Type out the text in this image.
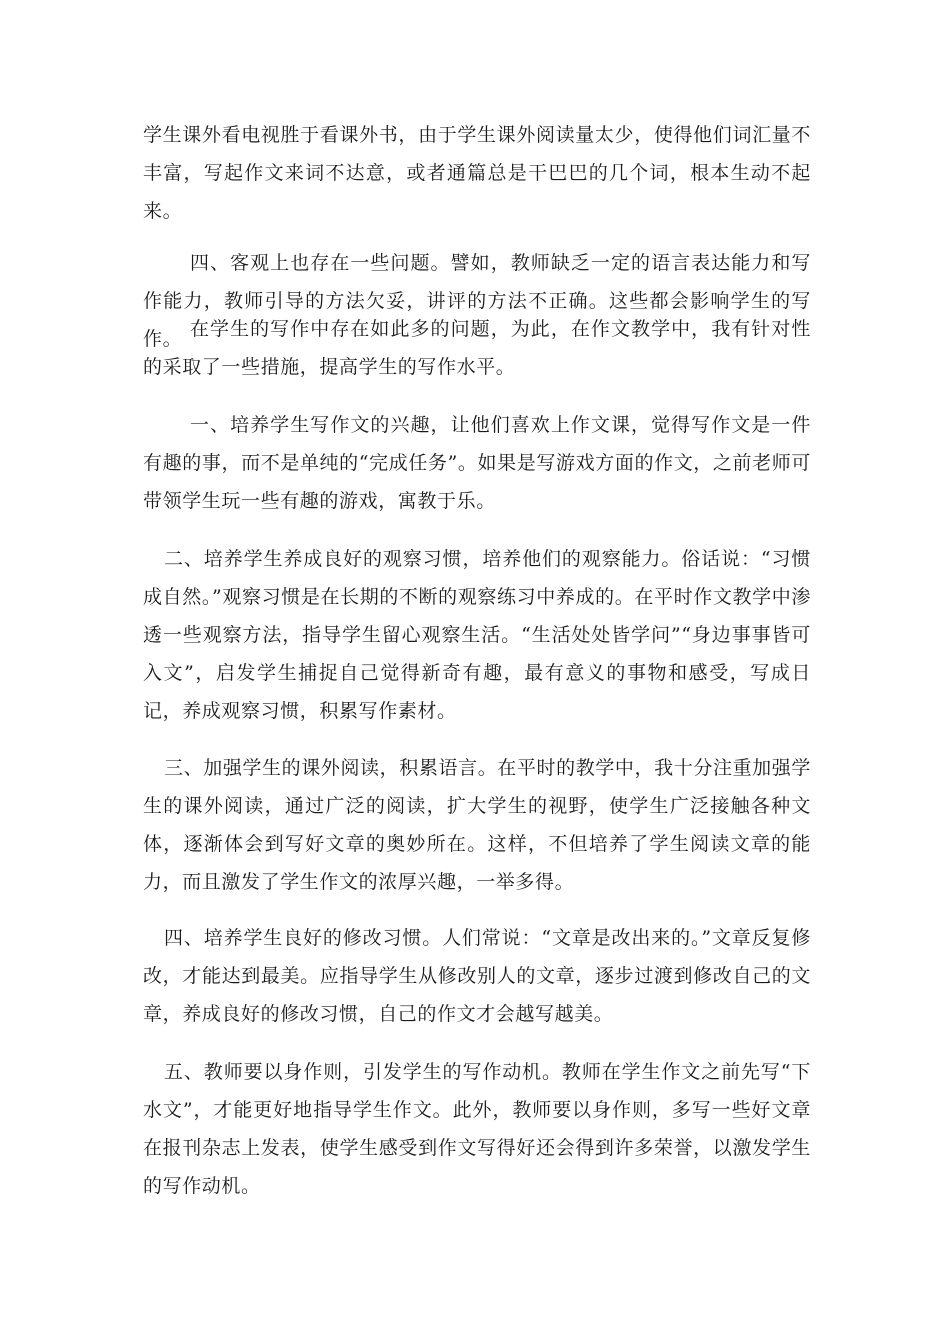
学生课外看电视胜于看课外书，由于学生课外阅读量太少，使得他们词汇量不丰富，写起作文来词不达意，或者通篇总是干巴巴的几个词，根本生动不起来。

四、客观上也存在一些问题。譬如，教师缺乏一定的语言表达能力和写作能力，教师引导的方法欠妥，讲评的方法不正确。这些都会影响学生的写作。 在学生的写作中存在如此多的问题，为此，在作文教学中，我有针对性的采取了一些措施，提高学生的写作水平。

一、培养学生写作文的兴趣，让他们喜欢上作文课，觉得写作文是一件有趣的事，而不是单纯的“完成任务”。如果是写游戏方面的作文，之前老师可带领学生玩一些有趣的游戏，寓教于乐。

二、培养学生养成良好的观察习惯，培养他们的观察能力。俗话说：“习惯成自然。”观察习惯是在长期的不断的观察练习中养成的。在平时作文教学中渗透一些观察方法，指导学生留心观察生活。“生活处处皆学问”“身边事事皆可入文”，启发学生捕捉自己觉得新奇有趣，最有意义的事物和感受，写成日记，养成观察习惯，积累写作素材。

三、加强学生的课外阅读，积累语言。在平时的教学中，我十分注重加强学生的课外阅读，通过广泛的阅读，扩大学生的视野，使学生广泛接触各种文体，逐渐体会到写好文章的奥妙所在。这样，不但培养了学生阅读文章的能力，而且激发了学生作文的浓厚兴趣，一举多得。

四、培养学生良好的修改习惯。人们常说：“文章是改出来的。”文章反复修改，才能达到最美。应指导学生从修改别人的文章，逐步过渡到修改自己的文章，养成良好的修改习惯，自己的作文才会越写越美。

五、教师要以身作则，引发学生的写作动机。教师在学生作文之前先写“下水文”，才能更好地指导学生作文。此外，教师要以身作则，多写一些好文章在报刊杂志上发表，使学生感受到作文写得好还会得到许多荣誉，以激发学生的写作动机。
